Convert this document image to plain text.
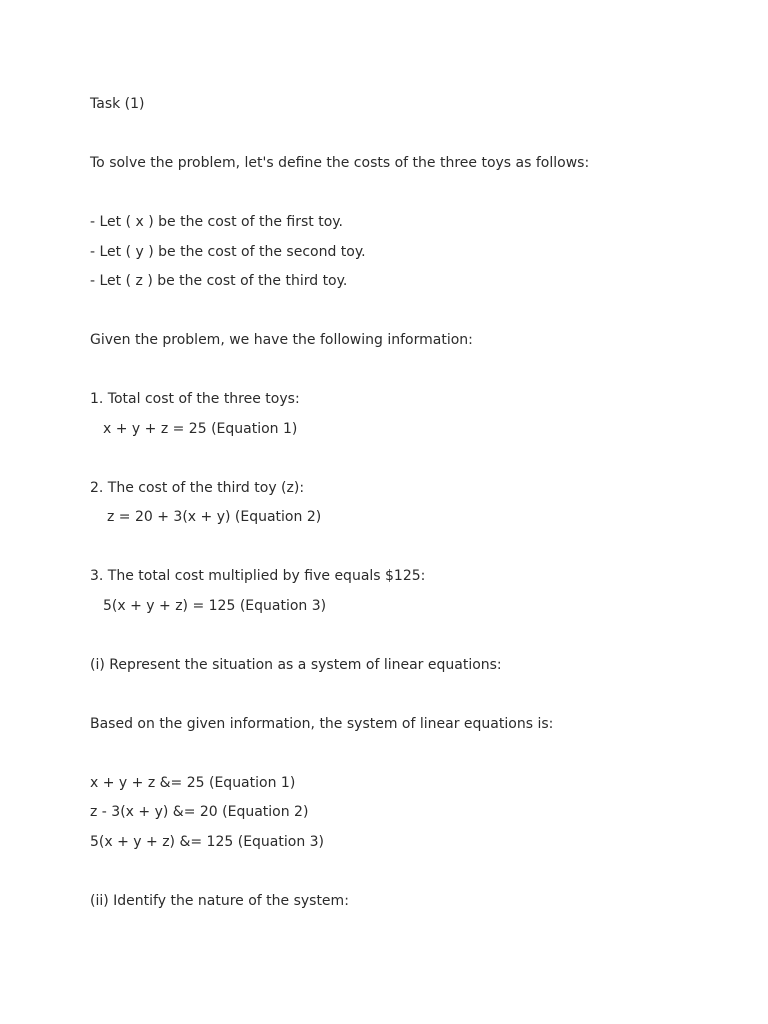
Task (1)
To solve the problem, let's define the costs of the three toys as follows:
- Let ( x ) be the cost of the first toy.
- Let ( y ) be the cost of the second toy.
- Let ( z ) be the cost of the third toy.
Given the problem, we have the following information:
1. Total cost of the three toys:
x + y + z = 25 (Equation 1)
2. The cost of the third toy (z):
z = 20 + 3(x + y) (Equation 2)
3. The total cost multiplied by five equals $125:
5(x + y + z) = 125 (Equation 3)
(i) Represent the situation as a system of linear equations:
Based on the given information, the system of linear equations is:
x + y + z &= 25 (Equation 1)
z - 3(x + y) &= 20 (Equation 2)
5(x + y + z) &= 125 (Equation 3)
(ii) Identify the nature of the system:
